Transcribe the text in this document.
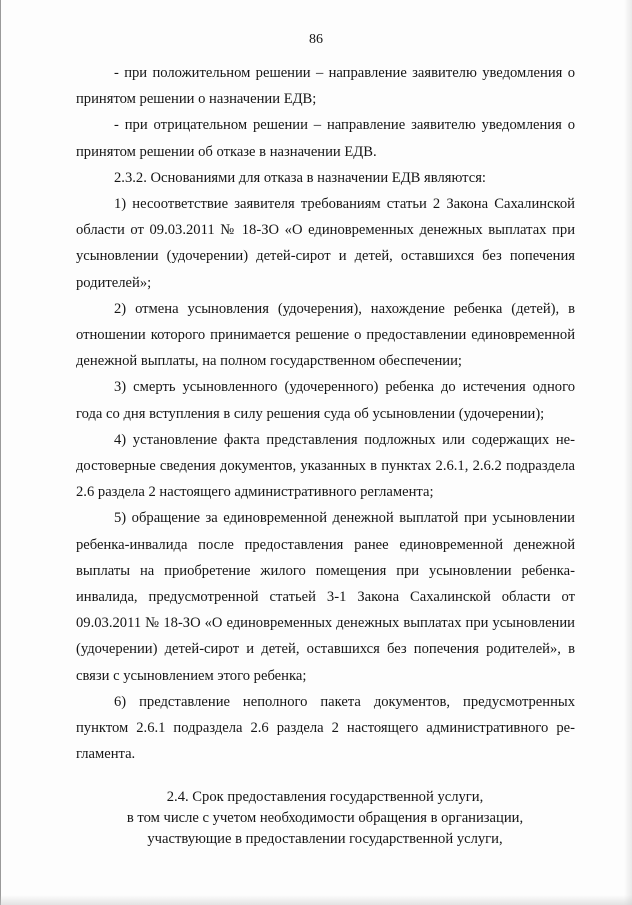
86

- при положительном решении – направление заявителю уведомления о принятом решении о назначении ЕДВ;

- при отрицательном решении – направление заявителю уведомления о принятом решении об отказе в назначении ЕДВ.

2.3.2. Основаниями для отказа в назначении ЕДВ являются:

1) несоответствие заявителя требованиям статьи 2 Закона Сахалинской области от 09.03.2011 № 18-ЗО «О единовременных денежных выплатах при усыновлении (удочерении) детей-сирот и детей, оставшихся без попечения родителей»;

2) отмена усыновления (удочерения), нахождение ребенка (детей), в отношении которого принимается решение о предоставлении единовременной денежной выплаты, на полном государственном обеспечении;

3) смерть усыновленного (удочеренного) ребенка до истечения одного года со дня вступления в силу решения суда об усыновлении (удочерении);

4) установление факта представления подложных или содержащих недостоверные сведения документов, указанных в пунктах 2.6.1, 2.6.2 подраздела 2.6 раздела 2 настоящего административного регламента;

5) обращение за единовременной денежной выплатой при усыновлении ребенка-инвалида после предоставления ранее единовременной денежной выплаты на приобретение жилого помещения при усыновлении ребенка-инвалида, предусмотренной статьей 3-1 Закона Сахалинской области от 09.03.2011 № 18-ЗО «О единовременных денежных выплатах при усыновлении (удочерении) детей-сирот и детей, оставшихся без попечения родителей», в связи с усыновлением этого ребенка;

6) представление неполного пакета документов, предусмотренных пунктом 2.6.1 подраздела 2.6 раздела 2 настоящего административного регламента.

2.4. Срок предоставления государственной услуги,
в том числе с учетом необходимости обращения в организации,
участвующие в предоставлении государственной услуги,
